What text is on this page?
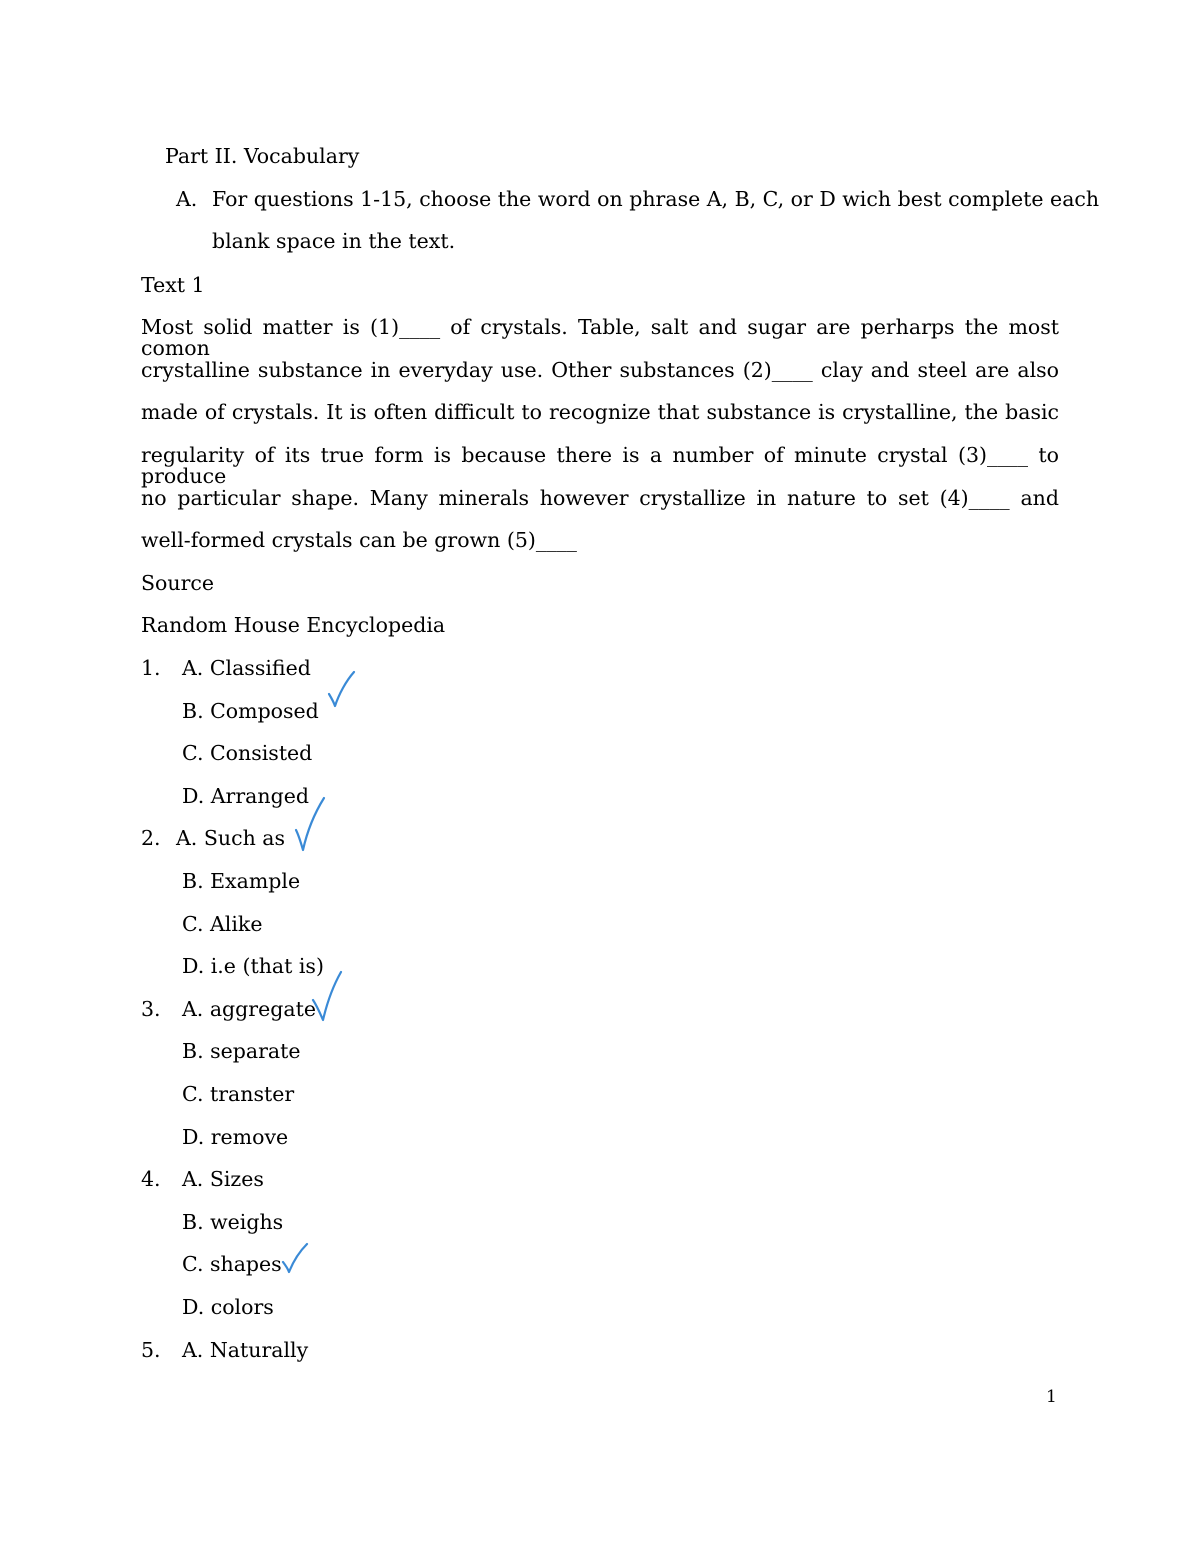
Part II. Vocabulary
A. For questions 1-15, choose the word on phrase A, B, C, or D wich best complete each
blank space in the text.
Text 1
Most solid matter is (1)____ of crystals. Table, salt and sugar are perharps the most comon
crystalline substance in everyday use. Other substances (2)____ clay and steel are also
made of crystals. It is often difficult to recognize that substance is crystalline, the basic
regularity of its true form is because there is a number of minute crystal (3)____ to produce
no particular shape. Many minerals however crystallize in nature to set (4)____ and
well-formed crystals can be grown (5)____
Source
Random House Encyclopedia
1. A. Classified
B. Composed
C. Consisted
D. Arranged
2. A. Such as
B. Example
C. Alike
D. i.e (that is)
3. A. aggregate
B. separate
C. transter
D. remove
4. A. Sizes
B. weighs
C. shapes
D. colors
5. A. Naturally
1
